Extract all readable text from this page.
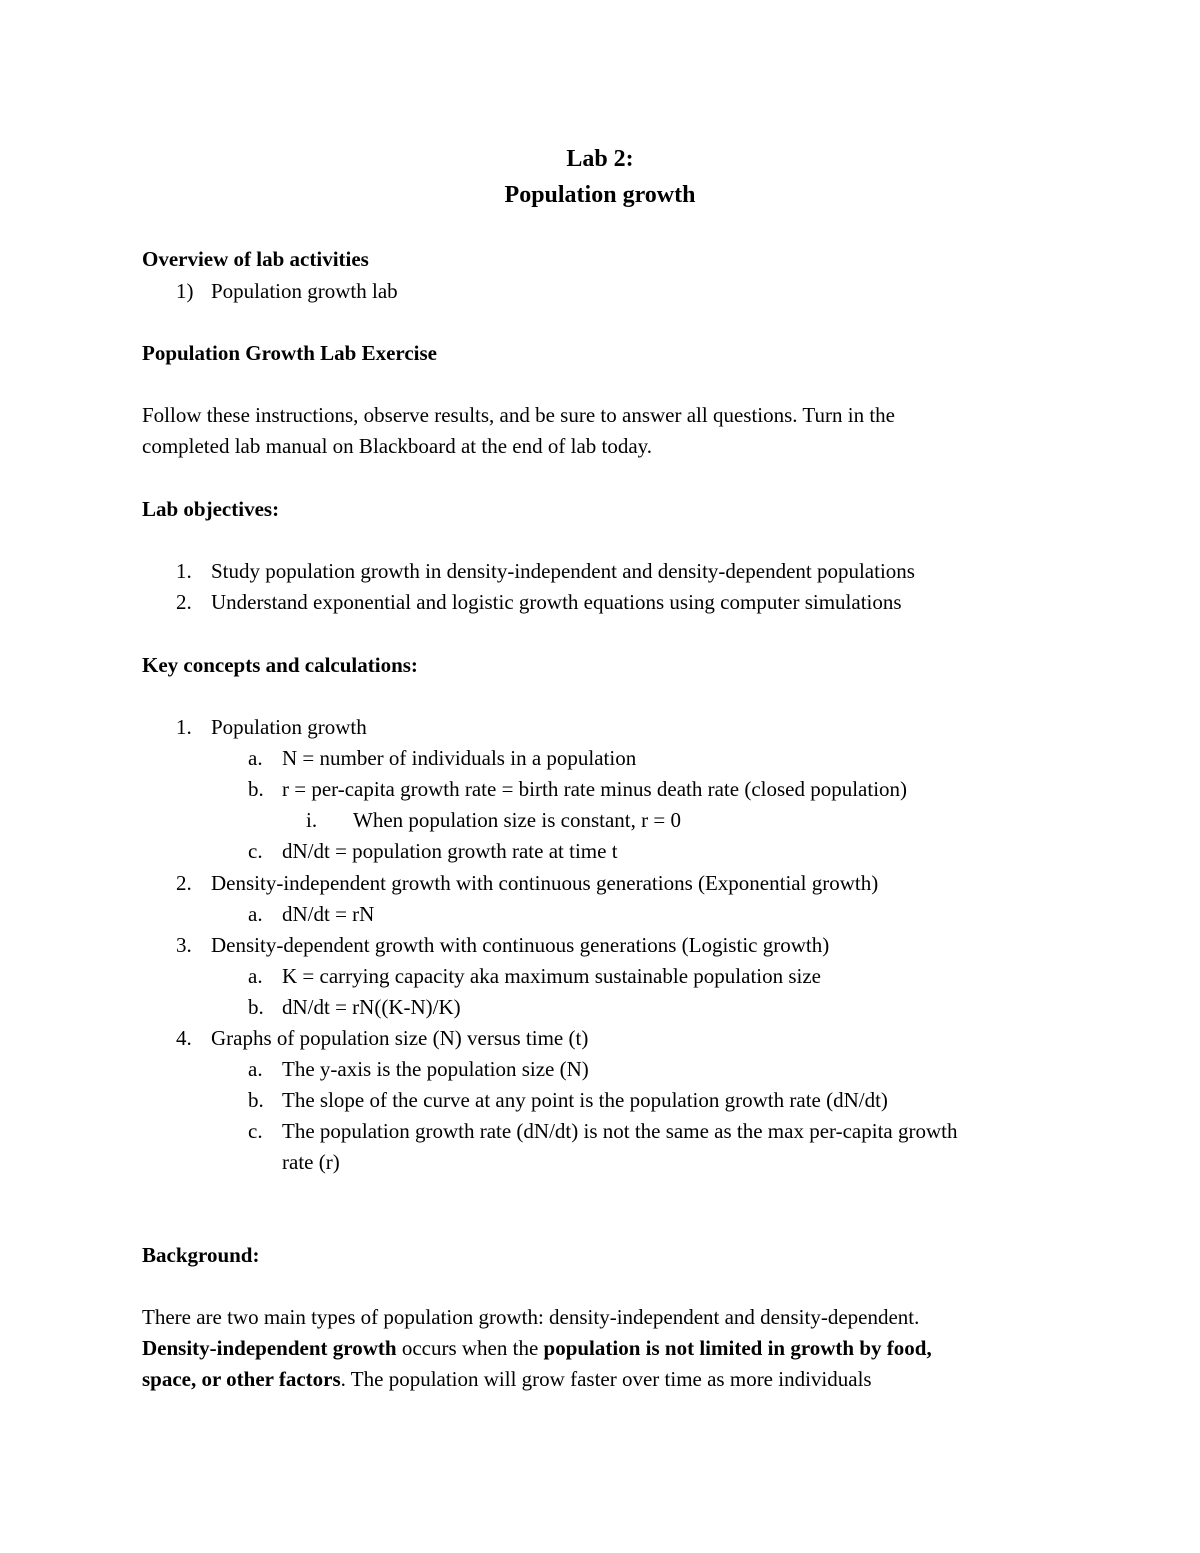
Lab 2:
Population growth
Overview of lab activities
1) Population growth lab
Population Growth Lab Exercise
Follow these instructions, observe results, and be sure to answer all questions. Turn in the
completed lab manual on Blackboard at the end of lab today.
Lab objectives:
1. Study population growth in density-independent and density-dependent populations
2. Understand exponential and logistic growth equations using computer simulations
Key concepts and calculations:
1. Population growth
a. N = number of individuals in a population
b. r = per-capita growth rate = birth rate minus death rate (closed population)
i. When population size is constant, r = 0
c. dN/dt = population growth rate at time t
2. Density-independent growth with continuous generations (Exponential growth)
a. dN/dt = rN
3. Density-dependent growth with continuous generations (Logistic growth)
a. K = carrying capacity aka maximum sustainable population size
b. dN/dt = rN((K-N)/K)
4. Graphs of population size (N) versus time (t)
a. The y-axis is the population size (N)
b. The slope of the curve at any point is the population growth rate (dN/dt)
c. The population growth rate (dN/dt) is not the same as the max per-capita growth
rate (r)
Background:
There are two main types of population growth: density-independent and density-dependent.
Density-independent growth occurs when the population is not limited in growth by food,
space, or other factors. The population will grow faster over time as more individuals
